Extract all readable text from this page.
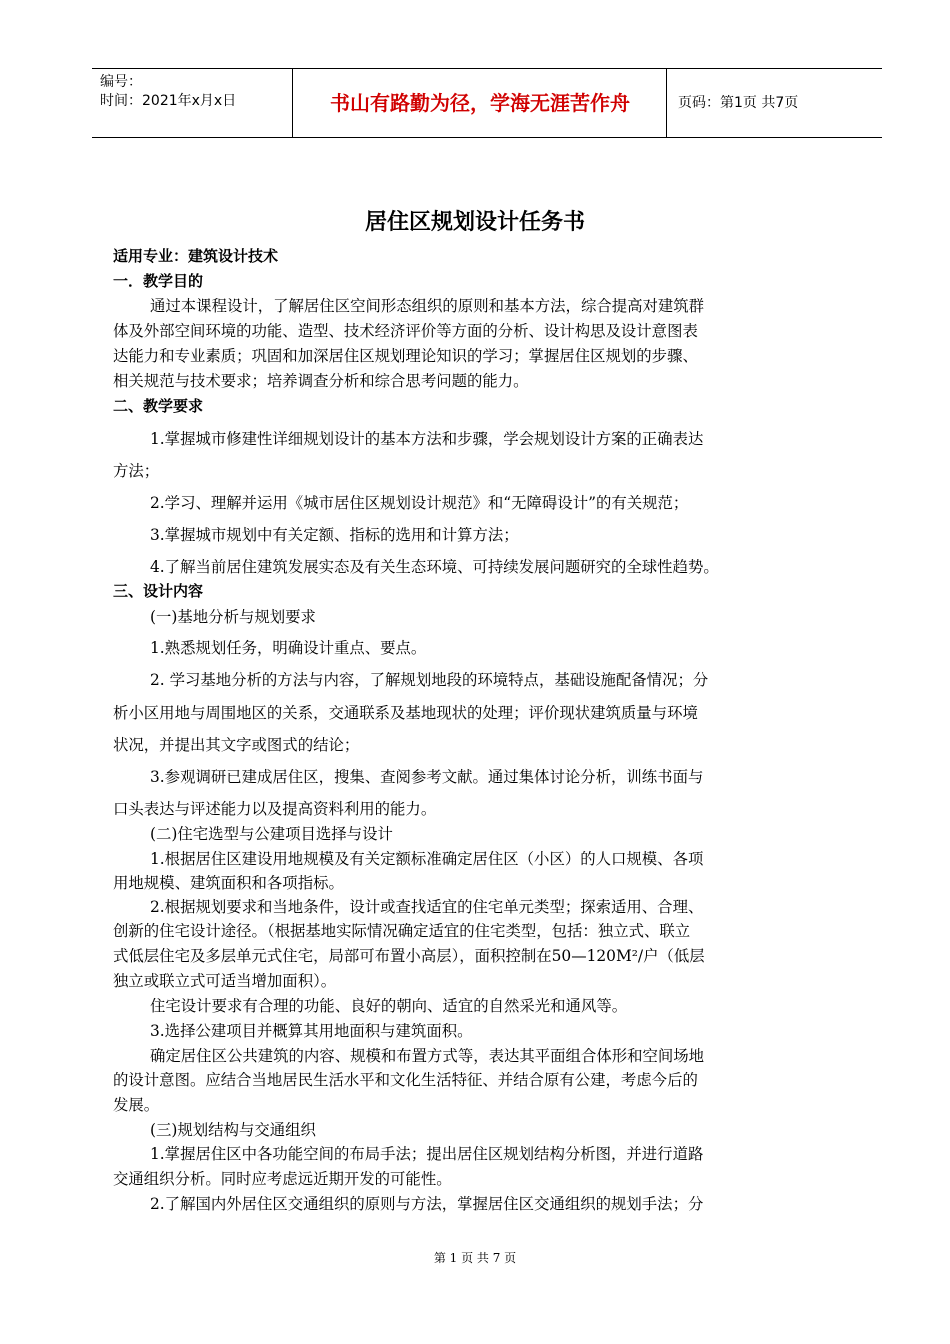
编号：
时间：2021年x月x日	书山有路勤为径，学海无涯苦作舟	页码：第1页 共7页
居住区规划设计任务书
适用专业：建筑设计技术
一．教学目的
通过本课程设计，了解居住区空间形态组织的原则和基本方法，综合提高对建筑群
体及外部空间环境的功能、造型、技术经济评价等方面的分析、设计构思及设计意图表
达能力和专业素质；巩固和加深居住区规划理论知识的学习；掌握居住区规划的步骤、
相关规范与技术要求；培养调查分析和综合思考问题的能力。
二、教学要求
1.掌握城市修建性详细规划设计的基本方法和步骤，学会规划设计方案的正确表达
方法；
2.学习、理解并运用《城市居住区规划设计规范》和“无障碍设计”的有关规范；
3.掌握城市规划中有关定额、指标的选用和计算方法；
4.了解当前居住建筑发展实态及有关生态环境、可持续发展问题研究的全球性趋势。
三、设计内容
(一)基地分析与规划要求
1.熟悉规划任务，明确设计重点、要点。
2. 学习基地分析的方法与内容，了解规划地段的环境特点，基础设施配备情况；分
析小区用地与周围地区的关系，交通联系及基地现状的处理；评价现状建筑质量与环境
状况，并提出其文字或图式的结论；
3.参观调研已建成居住区，搜集、查阅参考文献。通过集体讨论分析，训练书面与
口头表达与评述能力以及提高资料利用的能力。
(二)住宅选型与公建项目选择与设计
1.根据居住区建设用地规模及有关定额标准确定居住区（小区）的人口规模、各项
用地规模、建筑面积和各项指标。
2.根据规划要求和当地条件，设计或查找适宜的住宅单元类型；探索适用、合理、
创新的住宅设计途径。（根据基地实际情况确定适宜的住宅类型，包括：独立式、联立
式低层住宅及多层单元式住宅，局部可布置小高层），面积控制在50—120M²/户（低层
独立或联立式可适当增加面积）。
住宅设计要求有合理的功能、良好的朝向、适宜的自然采光和通风等。
3.选择公建项目并概算其用地面积与建筑面积。
确定居住区公共建筑的内容、规模和布置方式等，表达其平面组合体形和空间场地
的设计意图。应结合当地居民生活水平和文化生活特征、并结合原有公建，考虑今后的
发展。
(三)规划结构与交通组织
1.掌握居住区中各功能空间的布局手法；提出居住区规划结构分析图，并进行道路
交通组织分析。同时应考虑远近期开发的可能性。
2.了解国内外居住区交通组织的原则与方法，掌握居住区交通组织的规划手法；分
第 1 页 共 7 页
